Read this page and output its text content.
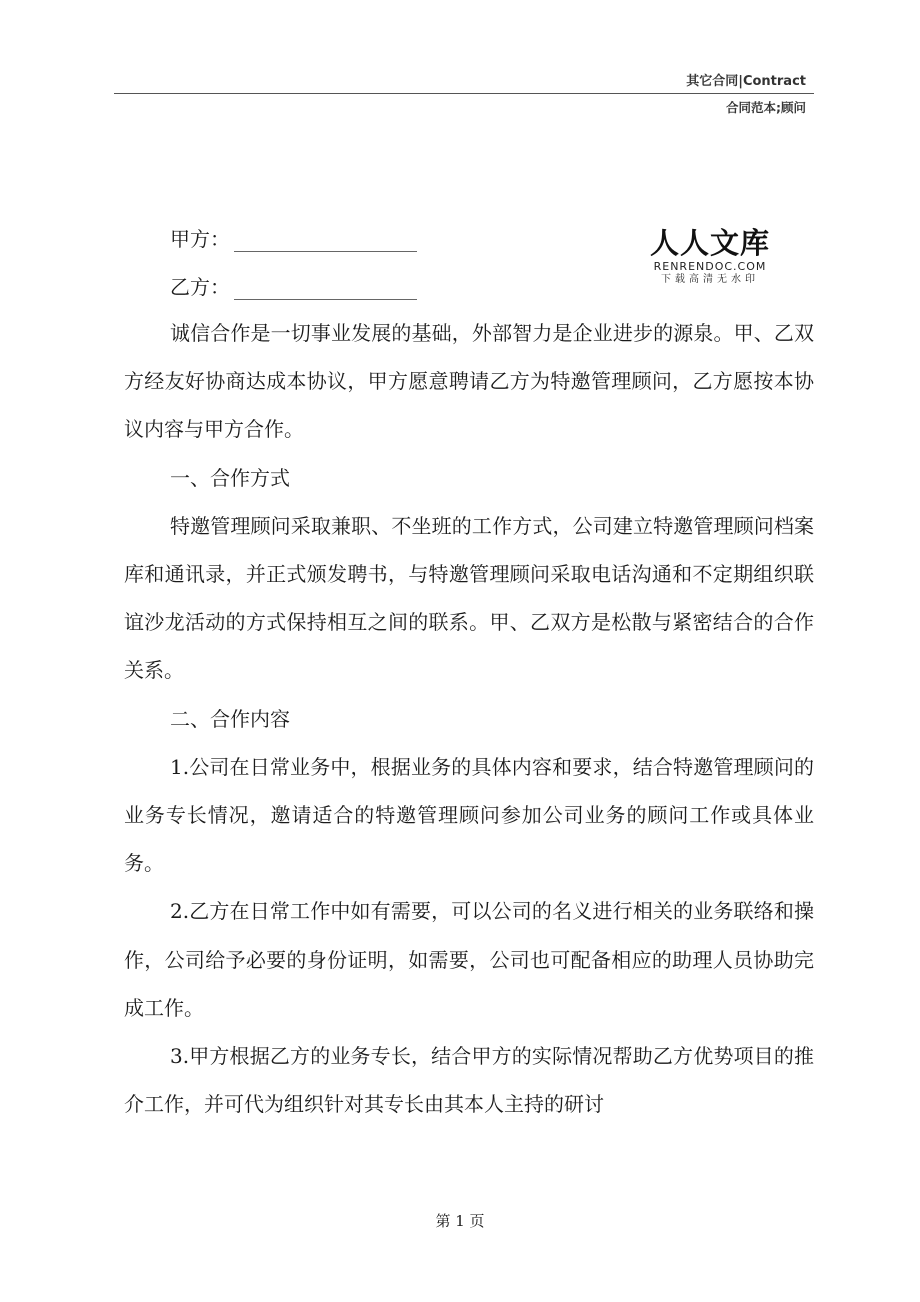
其它合同|Contract
合同范本;顾问
甲方：
乙方：
人人文库
RENRENDOC.COM
下载高清无水印

诚信合作是一切事业发展的基础，外部智力是企业进步的源泉。甲、乙双方经友好协商达成本协议，甲方愿意聘请乙方为特邀管理顾问，乙方愿按本协议内容与甲方合作。

一、合作方式

特邀管理顾问采取兼职、不坐班的工作方式，公司建立特邀管理顾问档案库和通讯录，并正式颁发聘书，与特邀管理顾问采取电话沟通和不定期组织联谊沙龙活动的方式保持相互之间的联系。甲、乙双方是松散与紧密结合的合作关系。

二、合作内容

1.公司在日常业务中，根据业务的具体内容和要求，结合特邀管理顾问的业务专长情况，邀请适合的特邀管理顾问参加公司业务的顾问工作或具体业务。

2.乙方在日常工作中如有需要，可以公司的名义进行相关的业务联络和操作，公司给予必要的身份证明，如需要，公司也可配备相应的助理人员协助完成工作。

3.甲方根据乙方的业务专长，结合甲方的实际情况帮助乙方优势项目的推介工作，并可代为组织针对其专长由其本人主持的研讨

第 1 页
